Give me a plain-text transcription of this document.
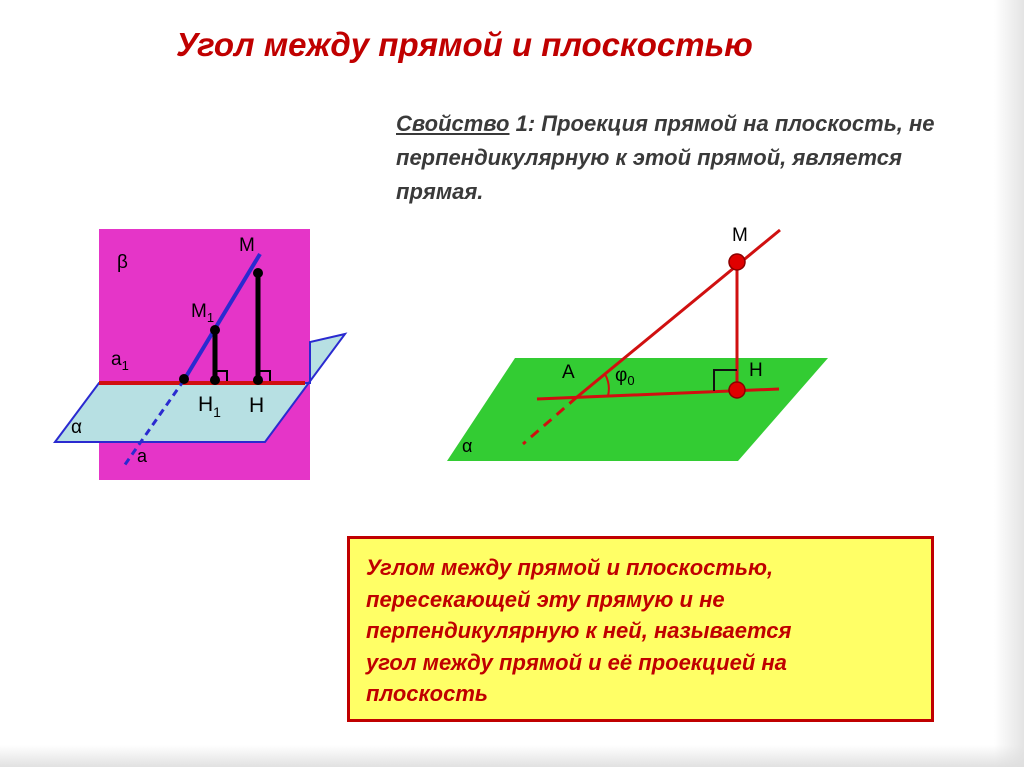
Угол между прямой и плоскостью

Свойство 1: Проекция прямой на плоскость, не перпендикулярную к этой прямой, является прямая.

β
M
$M_1$
$a_1$
α
$H_1$ H
a
M
A $\varphi_0$	H
α
Углом между прямой и плоскостью,
пересекающей эту прямую и не
перпендикулярную к ней, называется
угол между прямой и её проекцией на
плоскость
